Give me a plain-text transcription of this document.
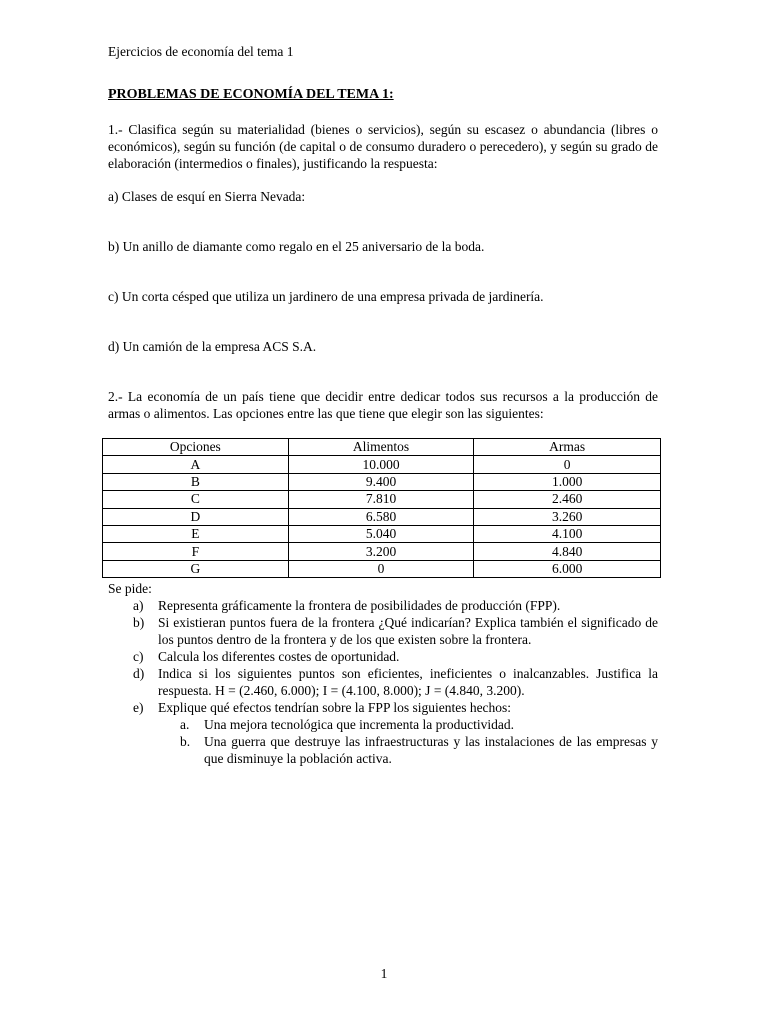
Ejercicios de economía del tema 1
PROBLEMAS DE ECONOMÍA DEL TEMA 1:
1.- Clasifica según su materialidad (bienes o servicios), según su escasez o abundancia (libres o económicos), según su función (de capital o de consumo duradero o perecedero), y según su grado de elaboración (intermedios o finales), justificando la respuesta:
a) Clases de esquí en Sierra Nevada:
b) Un anillo de diamante como regalo en el 25 aniversario de la boda.
c) Un corta césped que utiliza un jardinero de una empresa privada de jardinería.
d) Un camión de la empresa ACS S.A.
2.- La economía de un país tiene que decidir entre dedicar todos sus recursos a la producción de armas o alimentos. Las opciones entre las que tiene que elegir son las siguientes:
Opciones	Alimentos	Armas
A	10.000	0
B	9.400	1.000
C	7.810	2.460
D	6.580	3.260
E	5.040	4.100
F	3.200	4.840
G	0	6.000
Se pide:
a)	Representa gráficamente la frontera de posibilidades de producción (FPP).
b)	Si existieran puntos fuera de la frontera ¿Qué indicarían? Explica también el significado de los puntos dentro de la frontera y de los que existen sobre la frontera.
c)	Calcula los diferentes costes de oportunidad.
d)	Indica si los siguientes puntos son eficientes, ineficientes o inalcanzables. Justifica la respuesta. H = (2.460, 6.000); I = (4.100, 8.000); J = (4.840, 3.200).
e)	Explique qué efectos tendrían sobre la FPP los siguientes hechos:
a.	Una mejora tecnológica que incrementa la productividad.
b.	Una guerra que destruye las infraestructuras y las instalaciones de las empresas y que disminuye la población activa.
1
